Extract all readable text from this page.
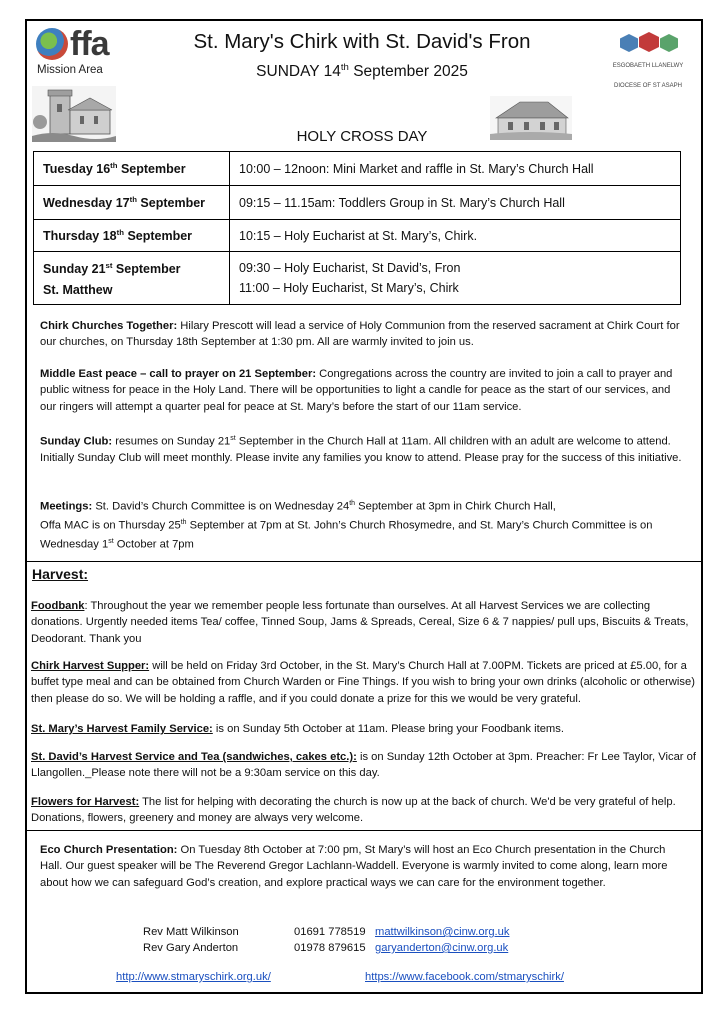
ffa
Mission Area
St. Mary's Chirk with St. David's Fron
SUNDAY 14th September 2025	ESGOBAETH LLANELWY
DIOCESE OF ST ASAPH
HOLY CROSS DAY
Tuesday 16th September	10:00 – 12noon: Mini Market and raffle in St. Mary’s Church Hall
Wednesday 17th September	09:15 – 11.15am: Toddlers Group in St. Mary’s Church Hall
Thursday 18th September	10:15 – Holy Eucharist at St. Mary’s, Chirk.
Sunday 21st September
St. Matthew	09:30 – Holy Eucharist, St David’s, Fron
11:00 – Holy Eucharist, St Mary’s, Chirk
Chirk Churches Together: Hilary Prescott will lead a service of Holy Communion from the reserved sacrament at Chirk Court for our churches, on Thursday 18th September at 1:30 pm. All are warmly invited to join us.
Middle East peace – call to prayer on 21 September: Congregations across the country are invited to join a call to prayer and public witness for peace in the Holy Land. There will be opportunities to light a candle for peace as the start of our services, and our ringers will attempt a quarter peal for peace at St. Mary’s before the start of our 11am service.
Sunday Club: resumes on Sunday 21st September in the Church Hall at 11am. All children with an adult are welcome to attend. Initially Sunday Club will meet monthly. Please invite any families you know to attend. Please pray for the success of this initiative.
Meetings: St. David’s Church Committee is on Wednesday 24th September at 3pm in Chirk Church Hall,
Offa MAC is on Thursday 25th September at 7pm at St. John’s Church Rhosymedre, and St. Mary’s Church Committee is on Wednesday 1st October at 7pm
Harvest:
Foodbank: Throughout the year we remember people less fortunate than ourselves. At all Harvest Services we are collecting donations. Urgently needed items Tea/ coffee, Tinned Soup, Jams & Spreads, Cereal, Size 6 & 7 nappies/ pull ups, Biscuits & Treats, Deodorant. Thank you
Chirk Harvest Supper: will be held on Friday 3rd October, in the St. Mary’s Church Hall at 7.00PM. Tickets are priced at £5.00, for a buffet type meal and can be obtained from Church Warden or Fine Things. If you wish to bring your own drinks (alcoholic or otherwise) then please do so. We will be holding a raffle, and if you could donate a prize for this we would be very grateful.
St. Mary’s Harvest Family Service: is on Sunday 5th October at 11am. Please bring your Foodbank items.
St. David’s Harvest Service and Tea (sandwiches, cakes etc.): is on Sunday 12th October at 3pm. Preacher: Fr Lee Taylor, Vicar of Llangollen._Please note there will not be a 9:30am service on this day.
Flowers for Harvest: The list for helping with decorating the church is now up at the back of church. We'd be very grateful of help. Donations, flowers, greenery and money are always very welcome.
Eco Church Presentation: On Tuesday 8th October at 7:00 pm, St Mary’s will host an Eco Church presentation in the Church Hall. Our guest speaker will be The Reverend Gregor Lachlann-Waddell. Everyone is warmly invited to come along, learn more about how we can safeguard God’s creation, and explore practical ways we can care for the environment together.
Rev Matt Wilkinson	01691 778519 mattwilkinson@cinw.org.uk
Rev Gary Anderton	01978 879615 garyanderton@cinw.org.uk
http://www.stmaryschirk.org.uk/	https://www.facebook.com/stmaryschirk/
